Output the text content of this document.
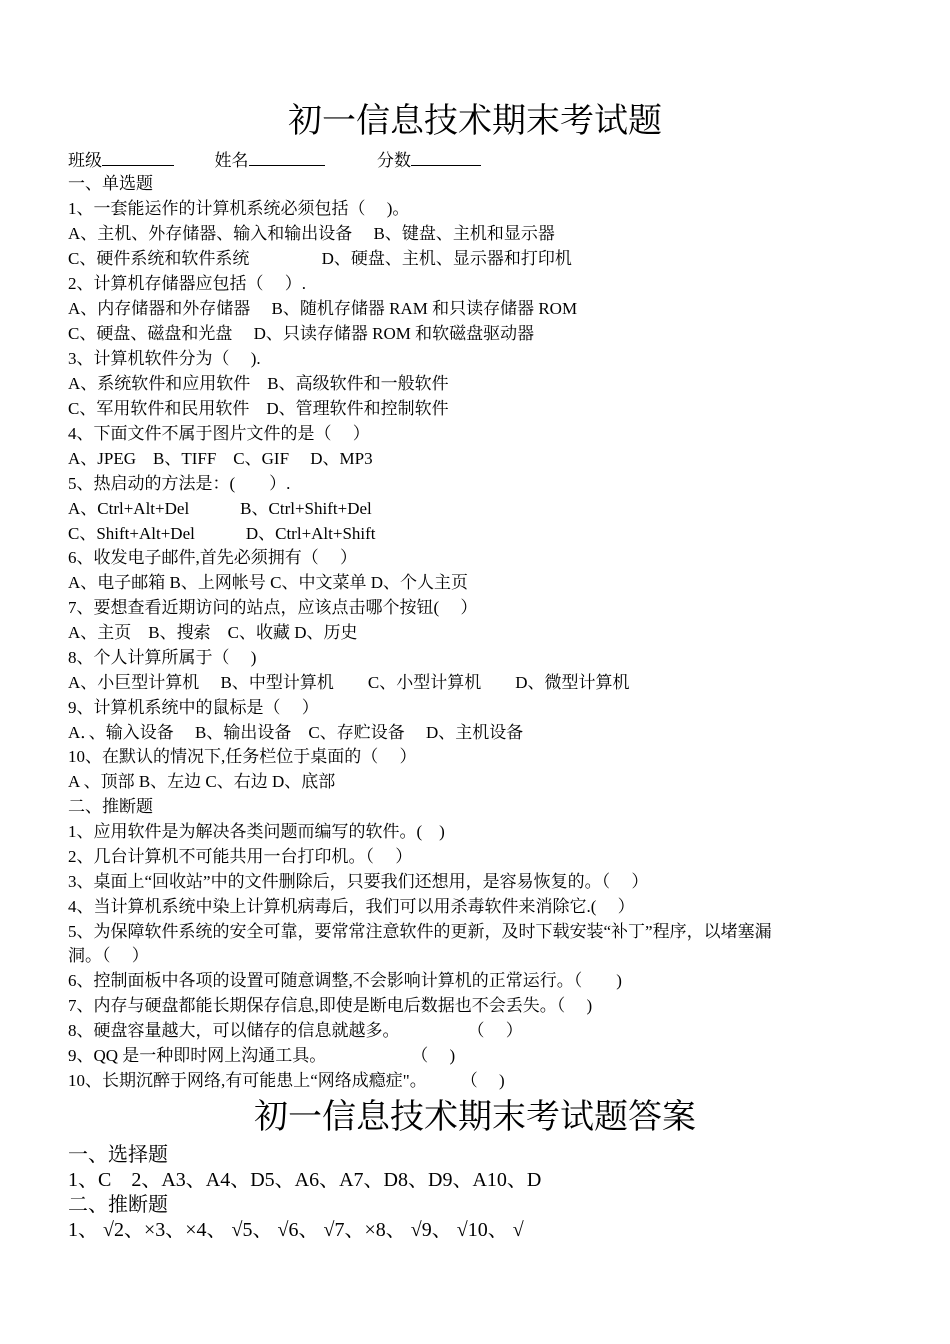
初一信息技术期末考试题
班级	姓名	分数
一、单选题
1、一套能运作的计算机系统必须包括（　 )。
A、主机、外存储器、输入和输出设备　 B、键盘、主机和显示器
C、硬件系统和软件系统　　　　 D、硬盘、主机、显示器和打印机
2、计算机存储器应包括（　 ）.
A、内存储器和外存储器　 B、随机存储器 RAM 和只读存储器 ROM
C、硬盘、磁盘和光盘　 D、只读存储器 ROM 和软磁盘驱动器
3、计算机软件分为（　 ).
A、系统软件和应用软件　B、高级软件和一般软件
C、军用软件和民用软件　D、管理软件和控制软件
4、下面文件不属于图片文件的是（　 ）
A、JPEG　B、TIFF　C、GIF　 D、MP3
5、热启动的方法是：(　　）.
A、Ctrl+Alt+Del　　　B、Ctrl+Shift+Del
C、Shift+Alt+Del　　　D、Ctrl+Alt+Shift
6、收发电子邮件,首先必须拥有（　 ）
A、电子邮箱 B、上网帐号 C、中文菜单 D、个人主页
7、要想查看近期访问的站点，应该点击哪个按钮(　 ）
A、主页　B、搜索　C、收藏 D、历史
8、个人计算所属于（　 )
A、小巨型计算机　 B、中型计算机　　C、小型计算机　　D、微型计算机
9、计算机系统中的鼠标是（　 ）
A．、输入设备　 B、输出设备　C、存贮设备　 D、主机设备
10、在默认的情况下,任务栏位于桌面的（　 ）
A 、顶部 B、左边 C、右边 D、底部
二、推断题
1、应用软件是为解决各类问题而编写的软件。(　)
2、几台计算机不可能共用一台打印机。（　 ）
3、桌面上“回收站”中的文件删除后，只要我们还想用，是容易恢复的。（　 ）
4、当计算机系统中染上计算机病毒后，我们可以用杀毒软件来消除它.(　 ）
5、为保障软件系统的安全可靠，要常常注意软件的更新，及时下载安装“补丁”程序，以堵塞漏
洞。（　 ）
6、控制面板中各项的设置可随意调整,不会影响计算机的正常运行。（　　)
7、内存与硬盘都能长期保存信息,即使是断电后数据也不会丢失。（　 )
8、硬盘容量越大，可以储存的信息就越多。　　　　　（　 ）
9、QQ 是一种即时网上沟通工具。　　　　　　（　 )
10、长期沉醉于网络,有可能患上“网络成瘾症"。　　　（　 )
初一信息技术期末考试题答案
一、选择题
1、C　2、A3、A4、D5、A6、A7、D8、D9、A10、D
二、推断题
1、 √2、×3、×4、 √5、 √6、 √7、×8、 √9、 √10、 √
